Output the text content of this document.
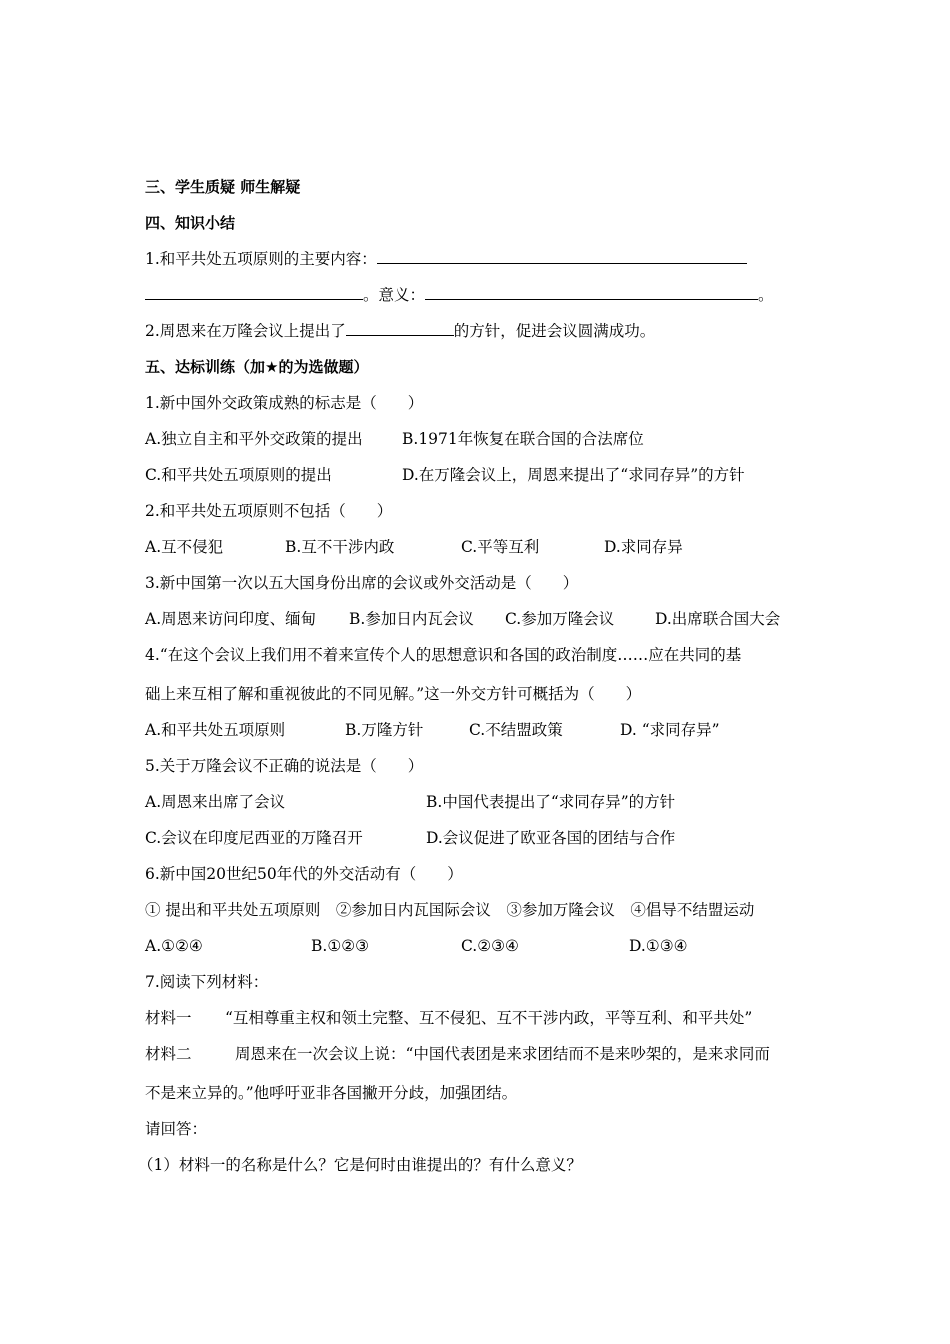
三、学生质疑 师生解疑
四、知识小结
1.和平共处五项原则的主要内容：
。意义：	。
2.周恩来在万隆会议上提出了	的方针，促进会议圆满成功。
五、达标训练（加★的为选做题）
1.新中国外交政策成熟的标志是（　　）
A.独立自主和平外交政策的提出	B.1971年恢复在联合国的合法席位
C.和平共处五项原则的提出	D.在万隆会议上，周恩来提出了“求同存异”的方针
2.和平共处五项原则不包括（　　）
A.互不侵犯	B.互不干涉内政	C.平等互利	D.求同存异
3.新中国第一次以五大国身份出席的会议或外交活动是（　　）
A.周恩来访问印度、缅甸 B.参加日内瓦会议 C.参加万隆会议	D.出席联合国大会
4.“在这个会议上我们用不着来宣传个人的思想意识和各国的政治制度……应在共同的基
础上来互相了解和重视彼此的不同见解。”这一外交方针可概括为（　　）
A.和平共处五项原则	B.万隆方针	C.不结盟政策	D. “求同存异”
5.关于万隆会议不正确的说法是（　　）
A.周恩来出席了会议	B.中国代表提出了“求同存异”的方针
C.会议在印度尼西亚的万隆召开	D.会议促进了欧亚各国的团结与合作
6.新中国20世纪50年代的外交活动有（　　）
① 提出和平共处五项原则　②参加日内瓦国际会议　③参加万隆会议　④倡导不结盟运动
A.①②④	B.①②③	C.②③④	D.①③④
7.阅读下列材料：
材料一 “互相尊重主权和领土完整、互不侵犯、互不干涉内政，平等互利、和平共处”
材料二	周恩来在一次会议上说：“中国代表团是来求团结而不是来吵架的，是来求同而
不是来立异的。”他呼吁亚非各国撇开分歧，加强团结。
请回答：
（1）材料一的名称是什么？它是何时由谁提出的？有什么意义？
